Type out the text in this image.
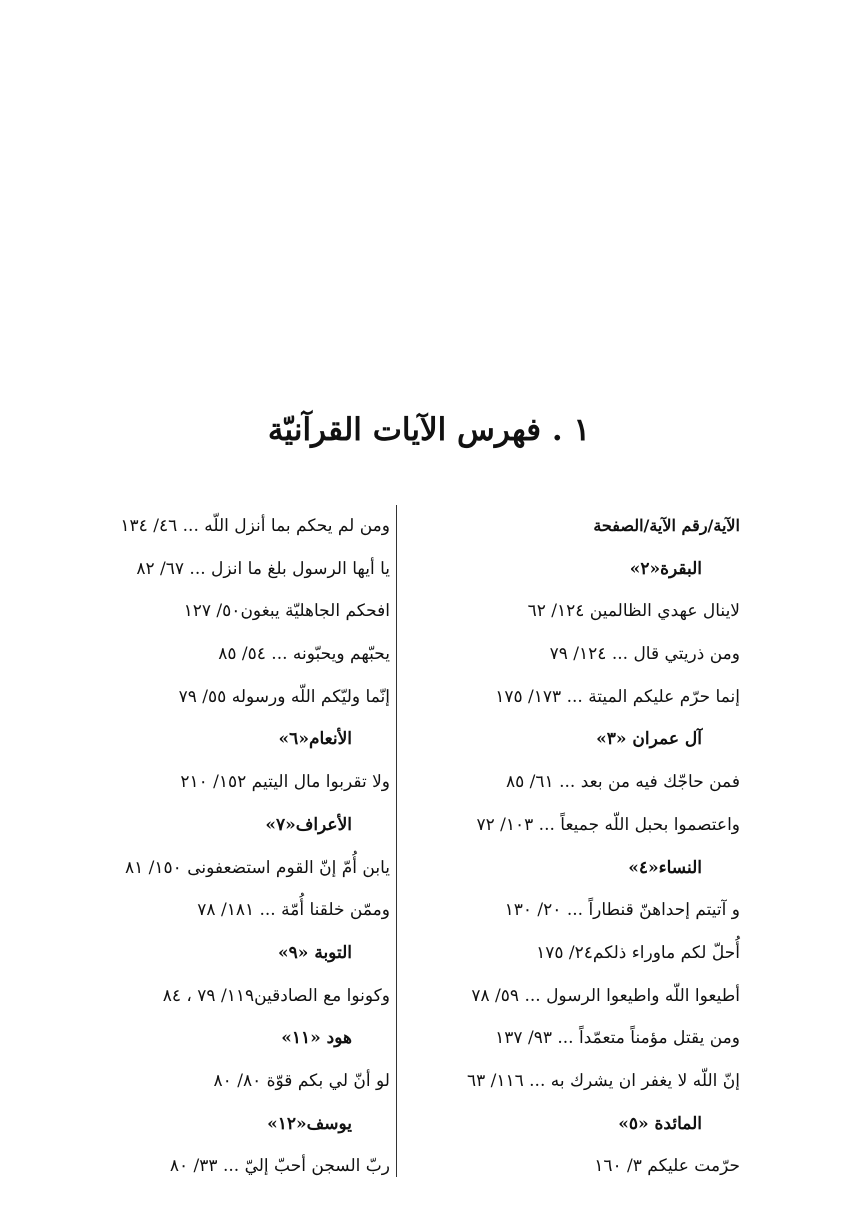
١ . فهرس الآيات القرآنيّة
الآية/رقم الآية/الصفحة
البقرة«٢»
لاينال عهدي الظالمين ١٢٤/ ٦٢
ومن ذريتي قال ... ١٢٤/ ٧٩
إنما حرّم عليكم الميتة ... ١٧٣/ ١٧٥
آل عمران «٣»
فمن حاجّك فيه من بعد ... ٦١/ ٨٥
واعتصموا بحبل اللّه جميعاً ... ١٠٣/ ٧٢
النساء«٤»
و آتيتم إحداهنّ قنطاراً ... ٢٠/ ١٣٠
أُحلّ لكم ماوراء ذلكم٢٤/ ١٧٥
أطيعوا اللّه واطيعوا الرسول ... ٥٩/ ٧٨
ومن يقتل مؤمناً متعمّداً ... ٩٣/ ١٣٧
إنّ اللّه لا يغفر ان يشرك به ... ١١٦/ ٦٣
المائدة «٥»
حرّمت عليكم ٣/ ١٦٠
ومن لم يحكم بما أنزل اللّه ... ٤٦/ ١٣٤
يا أيها الرسول بلغ ما انزل ... ٦٧/ ٨٢
افحكم الجاهليّة يبغون٥٠/ ١٢٧
يحبّهم ويحبّونه ... ٥٤/ ٨٥
إنّما وليّكم اللّه ورسوله ٥٥/ ٧٩
الأنعام«٦»
ولا تقربوا مال اليتيم ١٥٢/ ٢١٠
الأعراف«٧»
يابن أُمّ إنّ القوم استضعفونى ١٥٠/ ٨١
وممّن خلقنا أُمّة ... ١٨١/ ٧٨
التوبة «٩»
وكونوا مع الصادقين١١٩/ ٧٩ ، ٨٤
هود «١١»
لو أنّ لي بكم قوّة ٨٠/ ٨٠
يوسف«١٢»
ربّ السجن أحبّ إليّ ... ٣٣/ ٨٠
